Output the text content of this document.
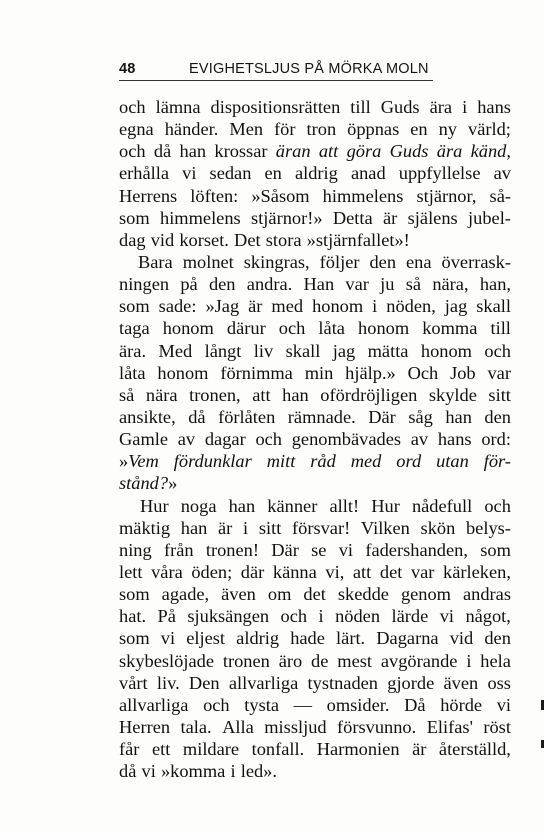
48	EVIGHETSLJUS PÅ MÖRKA MOLN
och lämna dispositionsrätten till Guds ära i hans
egna händer. Men för tron öppnas en ny värld;
och då han krossar äran att göra Guds ära känd,
erhålla vi sedan en aldrig anad uppfyllelse av
Herrens löften: »Såsom himmelens stjärnor, så-
som himmelens stjärnor!» Detta är själens jubel-
dag vid korset. Det stora »stjärnfallet»!
Bara molnet skingras, följer den ena överrask-
ningen på den andra. Han var ju så nära, han,
som sade: »Jag är med honom i nöden, jag skall
taga honom därur och låta honom komma till
ära. Med långt liv skall jag mätta honom och
låta honom förnimma min hjälp.» Och Job var
så nära tronen, att han ofördröjligen skylde sitt
ansikte, då förlåten rämnade. Där såg han den
Gamle av dagar och genombävades av hans ord:
»Vem fördunklar mitt råd med ord utan för-
stånd?»
Hur noga han känner allt! Hur nådefull och
mäktig han är i sitt försvar! Vilken skön belys-
ning från tronen! Där se vi fadershanden, som
lett våra öden; där känna vi, att det var kärleken,
som agade, även om det skedde genom andras
hat. På sjuksängen och i nöden lärde vi något,
som vi eljest aldrig hade lärt. Dagarna vid den
skybeslöjade tronen äro de mest avgörande i hela
vårt liv. Den allvarliga tystnaden gjorde även oss
allvarliga och tysta — omsider. Då hörde vi
Herren tala. Alla missljud försvunno. Elifas' röst
får ett mildare tonfall. Harmonien är återställd,
då vi »komma i led».
